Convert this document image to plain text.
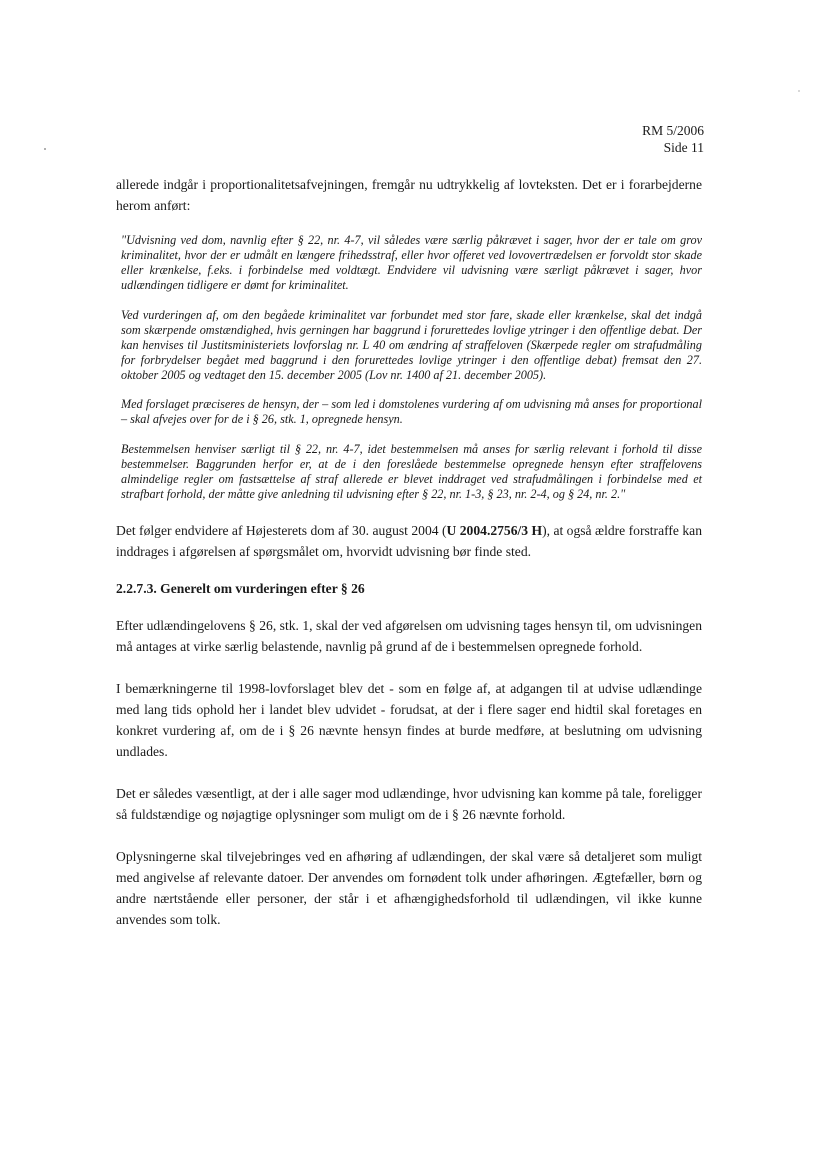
RM 5/2006
Side 11

allerede indgår i proportionalitetsafvejningen, fremgår nu udtrykkelig af lovteksten. Det er i forarbejderne herom anført:

"Udvisning ved dom, navnlig efter § 22, nr. 4-7, vil således være særlig påkrævet i sager, hvor der er tale om grov kriminalitet, hvor der er udmålt en længere frihedsstraf, eller hvor offeret ved lovovertrædelsen er forvoldt stor skade eller krænkelse, f.eks. i forbindelse med voldtægt. Endvidere vil udvisning være særligt påkrævet i sager, hvor udlændingen tidligere er dømt for kriminalitet.

Ved vurderingen af, om den begåede kriminalitet var forbundet med stor fare, skade eller krænkelse, skal det indgå som skærpende omstændighed, hvis gerningen har baggrund i forurettedes lovlige ytringer i den offentlige debat. Der kan henvises til Justitsministeriets lovforslag nr. L 40 om ændring af straffeloven (Skærpede regler om strafudmåling for forbrydelser begået med baggrund i den forurettedes lovlige ytringer i den offentlige debat) fremsat den 27. oktober 2005 og vedtaget den 15. december 2005 (Lov nr. 1400 af 21. december 2005).

Med forslaget præciseres de hensyn, der – som led i domstolenes vurdering af om udvisning må anses for proportional – skal afvejes over for de i § 26, stk. 1, opregnede hensyn.

Bestemmelsen henviser særligt til § 22, nr. 4-7, idet bestemmelsen må anses for særlig relevant i forhold til disse bestemmelser. Baggrunden herfor er, at de i den foreslåede bestemmelse opregnede hensyn efter straffelovens almindelige regler om fastsættelse af straf allerede er blevet inddraget ved strafudmålingen i forbindelse med et strafbart forhold, der måtte give anledning til udvisning efter § 22, nr. 1-3, § 23, nr. 2-4, og § 24, nr. 2."

Det følger endvidere af Højesterets dom af 30. august 2004 (U 2004.2756/3 H), at også ældre forstraffe kan inddrages i afgørelsen af spørgsmålet om, hvorvidt udvisning bør finde sted.

2.2.7.3. Generelt om vurderingen efter § 26

Efter udlændingelovens § 26, stk. 1, skal der ved afgørelsen om udvisning tages hensyn til, om udvisningen må antages at virke særlig belastende, navnlig på grund af de i bestemmelsen opregnede forhold.

I bemærkningerne til 1998-lovforslaget blev det - som en følge af, at adgangen til at udvise udlændinge med lang tids ophold her i landet blev udvidet - forudsat, at der i flere sager end hidtil skal foretages en konkret vurdering af, om de i § 26 nævnte hensyn findes at burde medføre, at beslutning om udvisning undlades.

Det er således væsentligt, at der i alle sager mod udlændinge, hvor udvisning kan komme på tale, foreligger så fuldstændige og nøjagtige oplysninger som muligt om de i § 26 nævnte forhold.

Oplysningerne skal tilvejebringes ved en afhøring af udlændingen, der skal være så detaljeret som muligt med angivelse af relevante datoer. Der anvendes om fornødent tolk under afhøringen. Ægtefæller, børn og andre nærtstående eller personer, der står i et afhængighedsforhold til udlændingen, vil ikke kunne anvendes som tolk.
